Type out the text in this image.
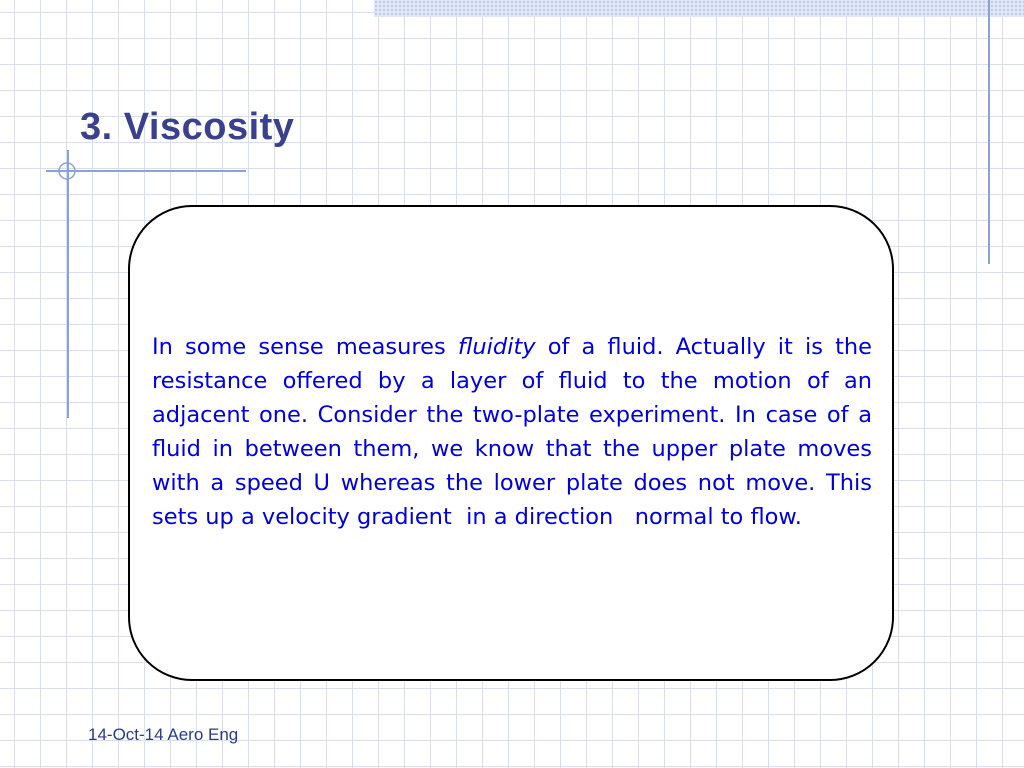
3. Viscosity

In some sense measures fluidity of a fluid. Actually it is the resistance offered by a layer of fluid to the motion of an adjacent one. Consider the two-plate experiment. In case of a fluid in between them, we know that the upper plate moves with a speed U whereas the lower plate does not move. This sets up a velocity gradient  in a direction   normal to flow.

14-Oct-14 Aero Eng
